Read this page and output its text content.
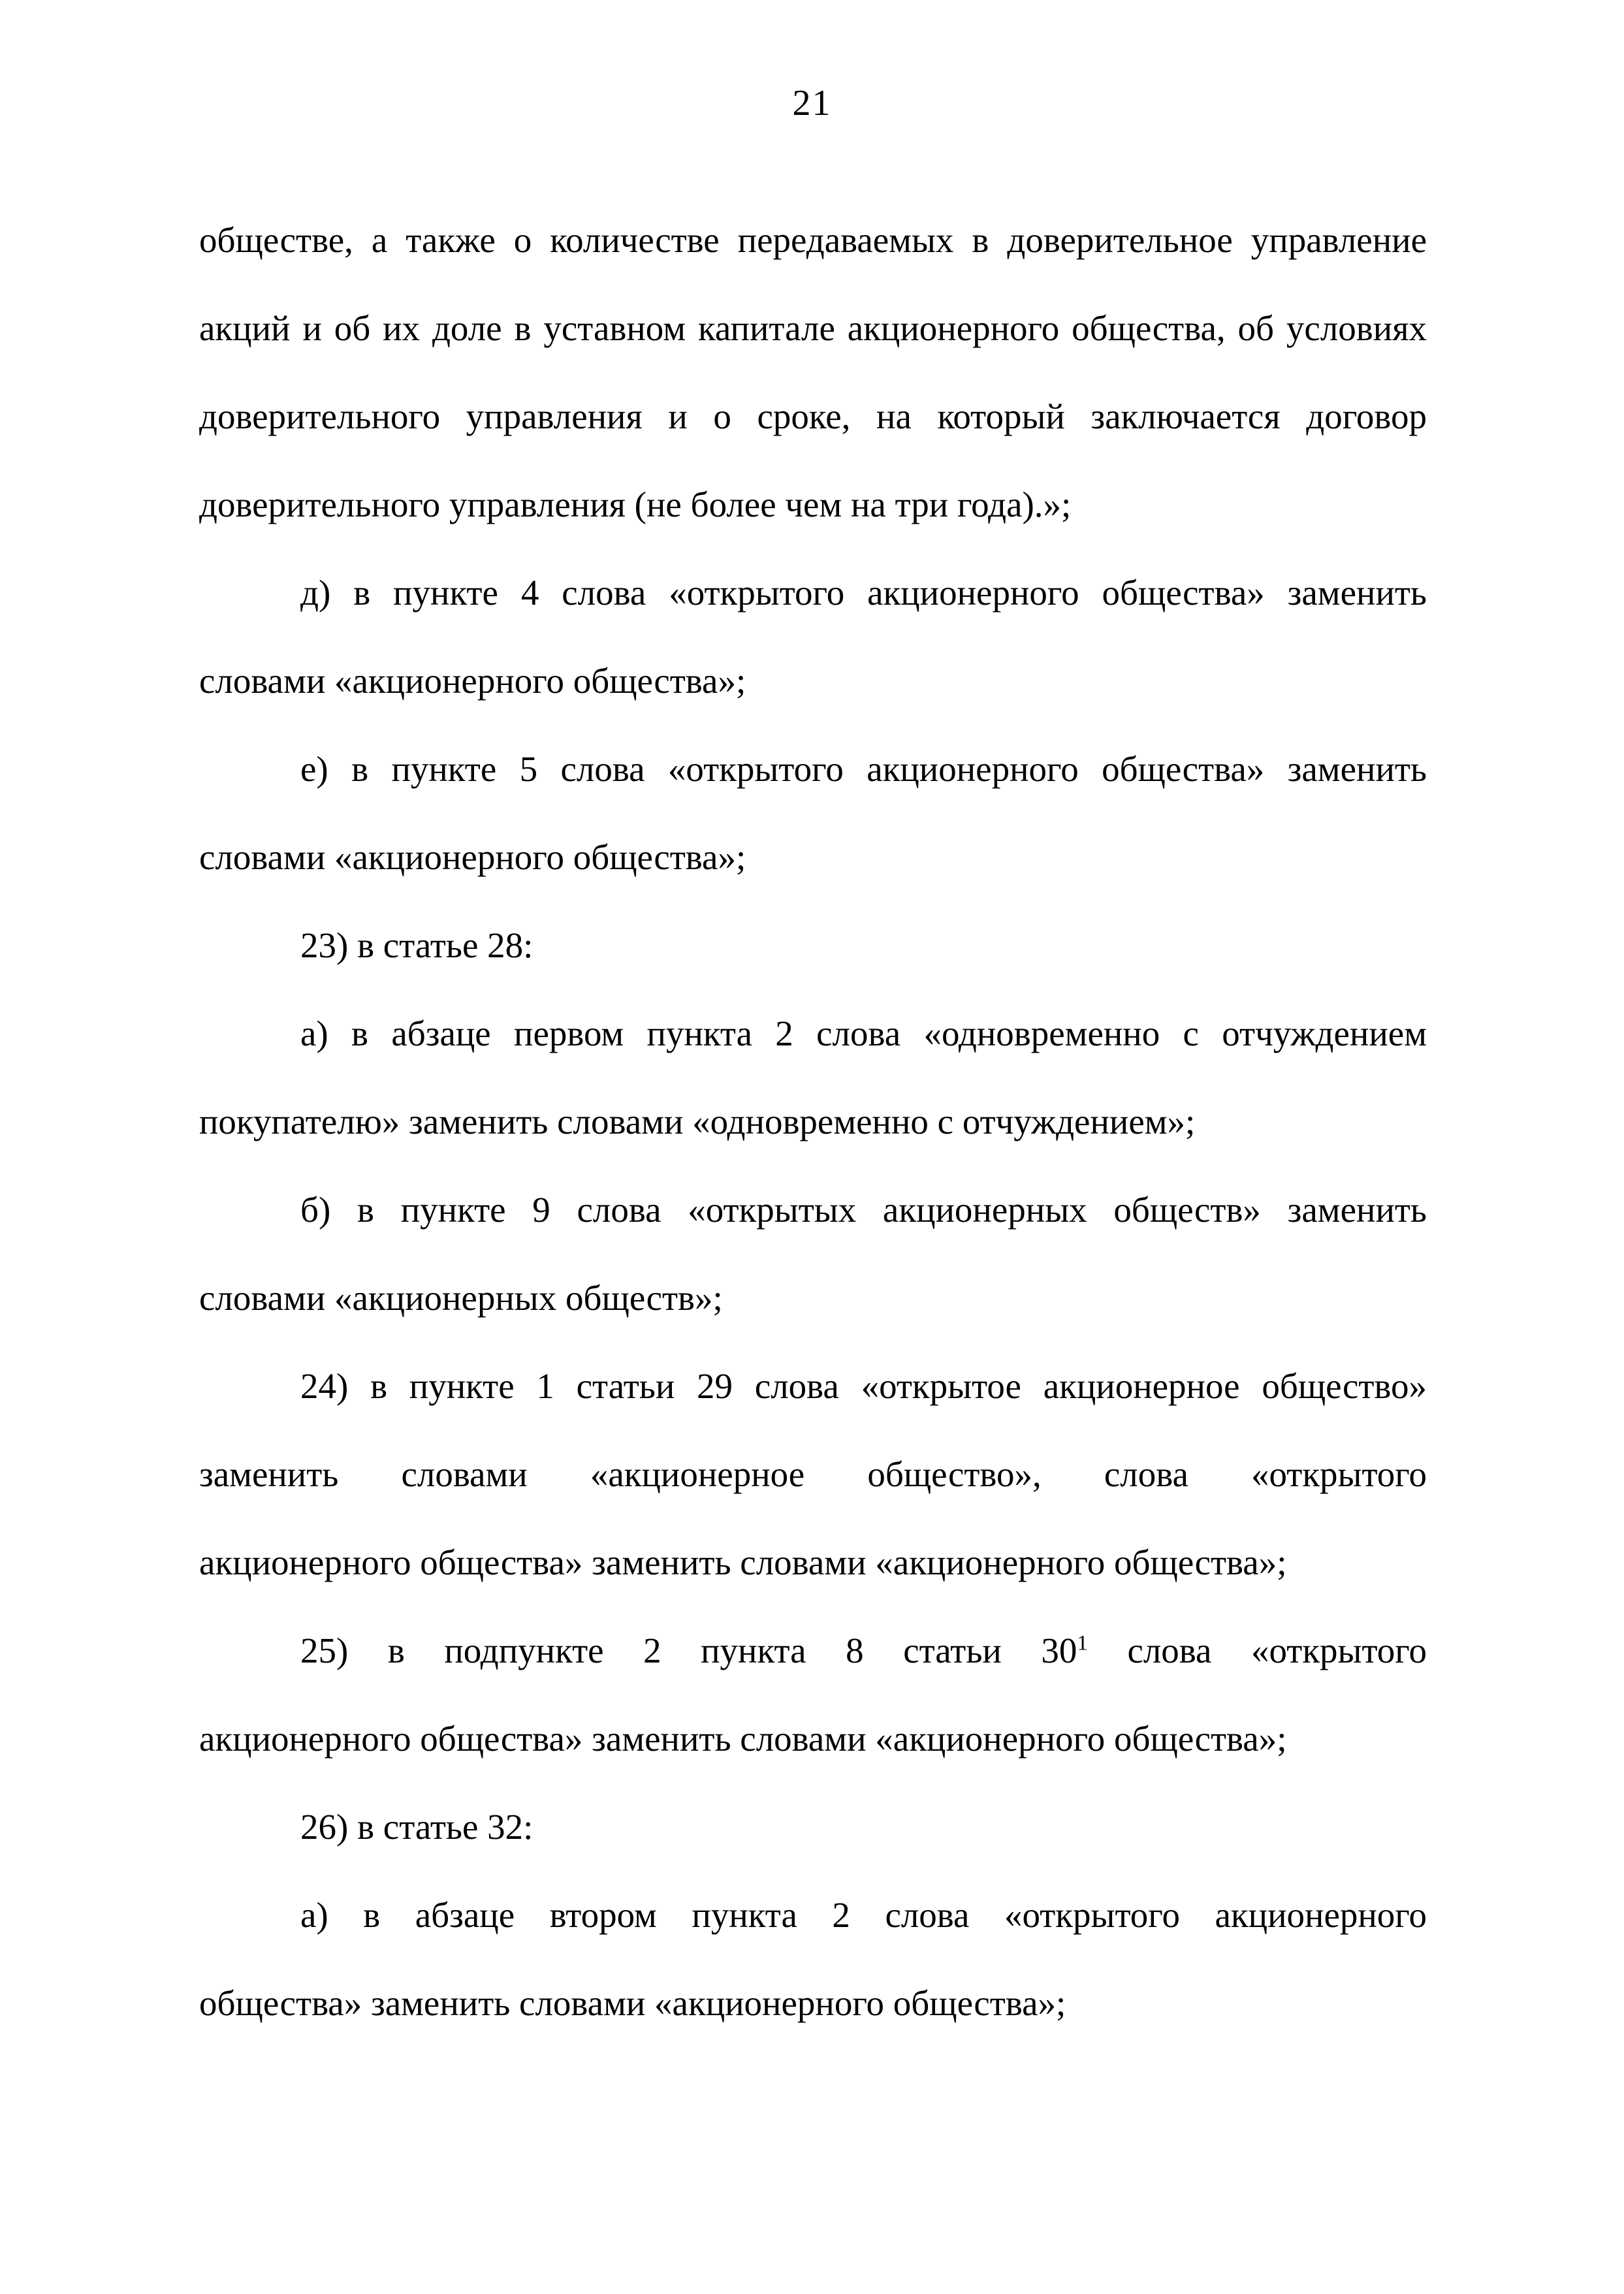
21
обществе, а также о количестве передаваемых в доверительное управление
акций и об их доле в уставном капитале акционерного общества, об условиях
доверительного управления и о сроке, на который заключается договор
доверительного управления (не более чем на три года).»;
д) в пункте 4 слова «открытого акционерного общества» заменить
словами «акционерного общества»;
е) в пункте 5 слова «открытого акционерного общества» заменить
словами «акционерного общества»;
23) в статье 28:
а) в абзаце первом пункта 2 слова «одновременно с отчуждением
покупателю» заменить словами «одновременно с отчуждением»;
б) в пункте 9 слова «открытых акционерных обществ» заменить
словами «акционерных обществ»;
24) в пункте 1 статьи 29 слова «открытое акционерное общество»
заменить словами «акционерное общество», слова «открытого
акционерного общества» заменить словами «акционерного общества»;
25) в подпункте 2 пункта 8 статьи $30^1$ слова «открытого
акционерного общества» заменить словами «акционерного общества»;
26) в статье 32:
а) в абзаце втором пункта 2 слова «открытого акционерного
общества» заменить словами «акционерного общества»;
